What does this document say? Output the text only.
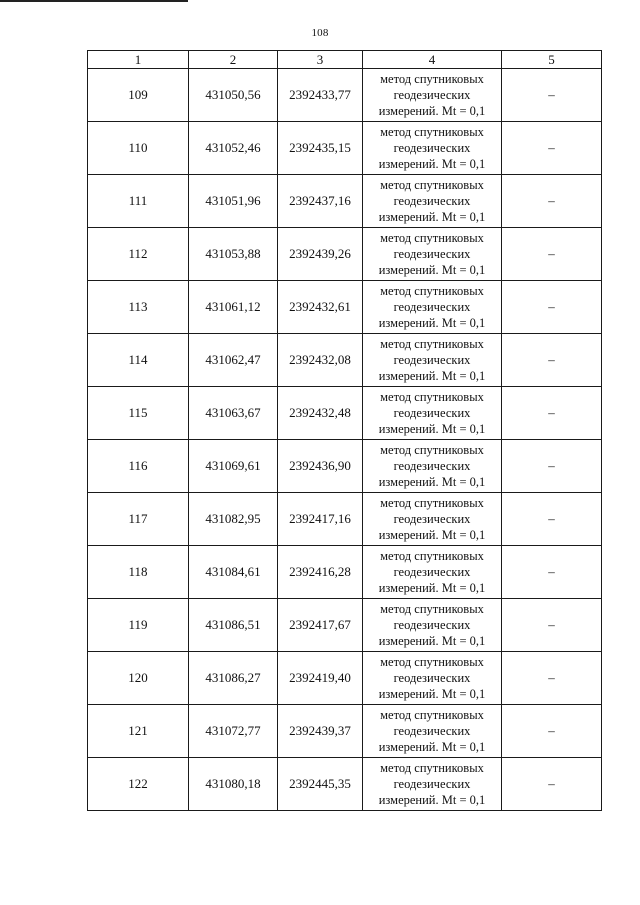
108
1	2	3	4	5
109	431050,56	2392433,77	метод спутниковых геодезических измерений. Mt = 0,1	–
110	431052,46	2392435,15	метод спутниковых геодезических измерений. Mt = 0,1	–
111	431051,96	2392437,16	метод спутниковых геодезических измерений. Mt = 0,1	–
112	431053,88	2392439,26	метод спутниковых геодезических измерений. Mt = 0,1	–
113	431061,12	2392432,61	метод спутниковых геодезических измерений. Mt = 0,1	–
114	431062,47	2392432,08	метод спутниковых геодезических измерений. Mt = 0,1	–
115	431063,67	2392432,48	метод спутниковых геодезических измерений. Mt = 0,1	–
116	431069,61	2392436,90	метод спутниковых геодезических измерений. Mt = 0,1	–
117	431082,95	2392417,16	метод спутниковых геодезических измерений. Mt = 0,1	–
118	431084,61	2392416,28	метод спутниковых геодезических измерений. Mt = 0,1	–
119	431086,51	2392417,67	метод спутниковых геодезических измерений. Mt = 0,1	–
120	431086,27	2392419,40	метод спутниковых геодезических измерений. Mt = 0,1	–
121	431072,77	2392439,37	метод спутниковых геодезических измерений. Mt = 0,1	–
122	431080,18	2392445,35	метод спутниковых геодезических измерений. Mt = 0,1	–
